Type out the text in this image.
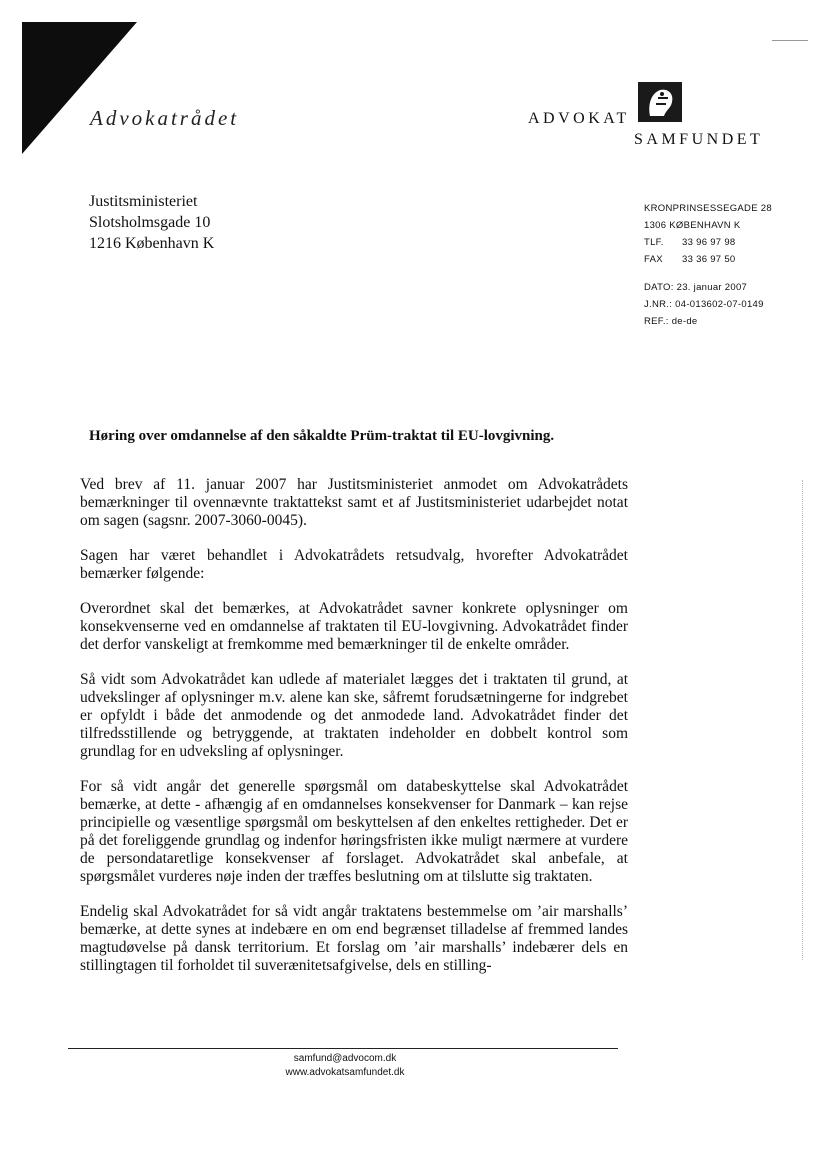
Advokatrådet	ADVOKAT
SAMFUNDET
Justitsministeriet
Slotsholmsgade 10
1216 København K
KRONPRINSESSEGADE 28
1306 KØBENHAVN K
TLF. 33 96 97 98
FAX 33 36 97 50
DATO: 23. januar 2007
J.NR.: 04-013602-07-0149
REF.: de-de
Høring over omdannelse af den såkaldte Prüm-traktat til EU-lovgivning.

Ved brev af 11. januar 2007 har Justitsministeriet anmodet om Advokatrådets bemærkninger til ovennævnte traktattekst samt et af Justitsministeriet udarbejdet notat om sagen (sagsnr. 2007-3060-0045).

Sagen har været behandlet i Advokatrådets retsudvalg, hvorefter Advokatrådet bemærker følgende:

Overordnet skal det bemærkes, at Advokatrådet savner konkrete oplysninger om konsekvenserne ved en omdannelse af traktaten til EU-lovgivning. Advokatrådet finder det derfor vanskeligt at fremkomme med bemærkninger til de enkelte områder.

Så vidt som Advokatrådet kan udlede af materialet lægges det i traktaten til grund, at udvekslinger af oplysninger m.v. alene kan ske, såfremt forudsætningerne for indgrebet er opfyldt i både det anmodende og det anmodede land. Advokatrådet finder det tilfredsstillende og betryggende, at traktaten indeholder en dobbelt kontrol som grundlag for en udveksling af oplysninger.

For så vidt angår det generelle spørgsmål om databeskyttelse skal Advokatrådet bemærke, at dette - afhængig af en omdannelses konsekvenser for Danmark – kan rejse principielle og væsentlige spørgsmål om beskyttelsen af den enkeltes rettigheder. Det er på det foreliggende grundlag og indenfor høringsfristen ikke muligt nærmere at vurdere de persondataretlige konsekvenser af forslaget. Advokatrådet skal anbefale, at spørgsmålet vurderes nøje inden der træffes beslutning om at tilslutte sig traktaten.

Endelig skal Advokatrådet for så vidt angår traktatens bestemmelse om ’air marshalls’ bemærke, at dette synes at indebære en om end begrænset tilladelse af fremmed landes magtudøvelse på dansk territorium. Et forslag om ’air marshalls’ indebærer dels en stillingtagen til forholdet til suverænitetsafgivelse, dels en stilling-

samfund@advocom.dk
www.advokatsamfundet.dk
